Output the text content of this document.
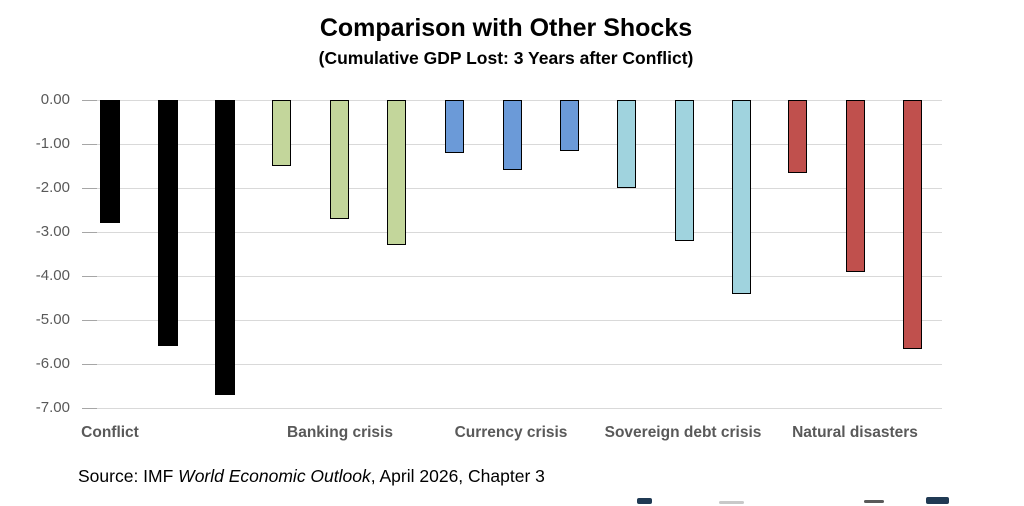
Comparison with Other Shocks
(Cumulative GDP Lost: 3 Years after Conflict)
0.00
-1.00
-2.00
-3.00
-4.00
-5.00
-6.00
-7.00
Conflict	Banking crisis	Currency crisis	Sovereign debt crisis	Natural disasters
Source: IMF World Economic Outlook, April 2026, Chapter 3
